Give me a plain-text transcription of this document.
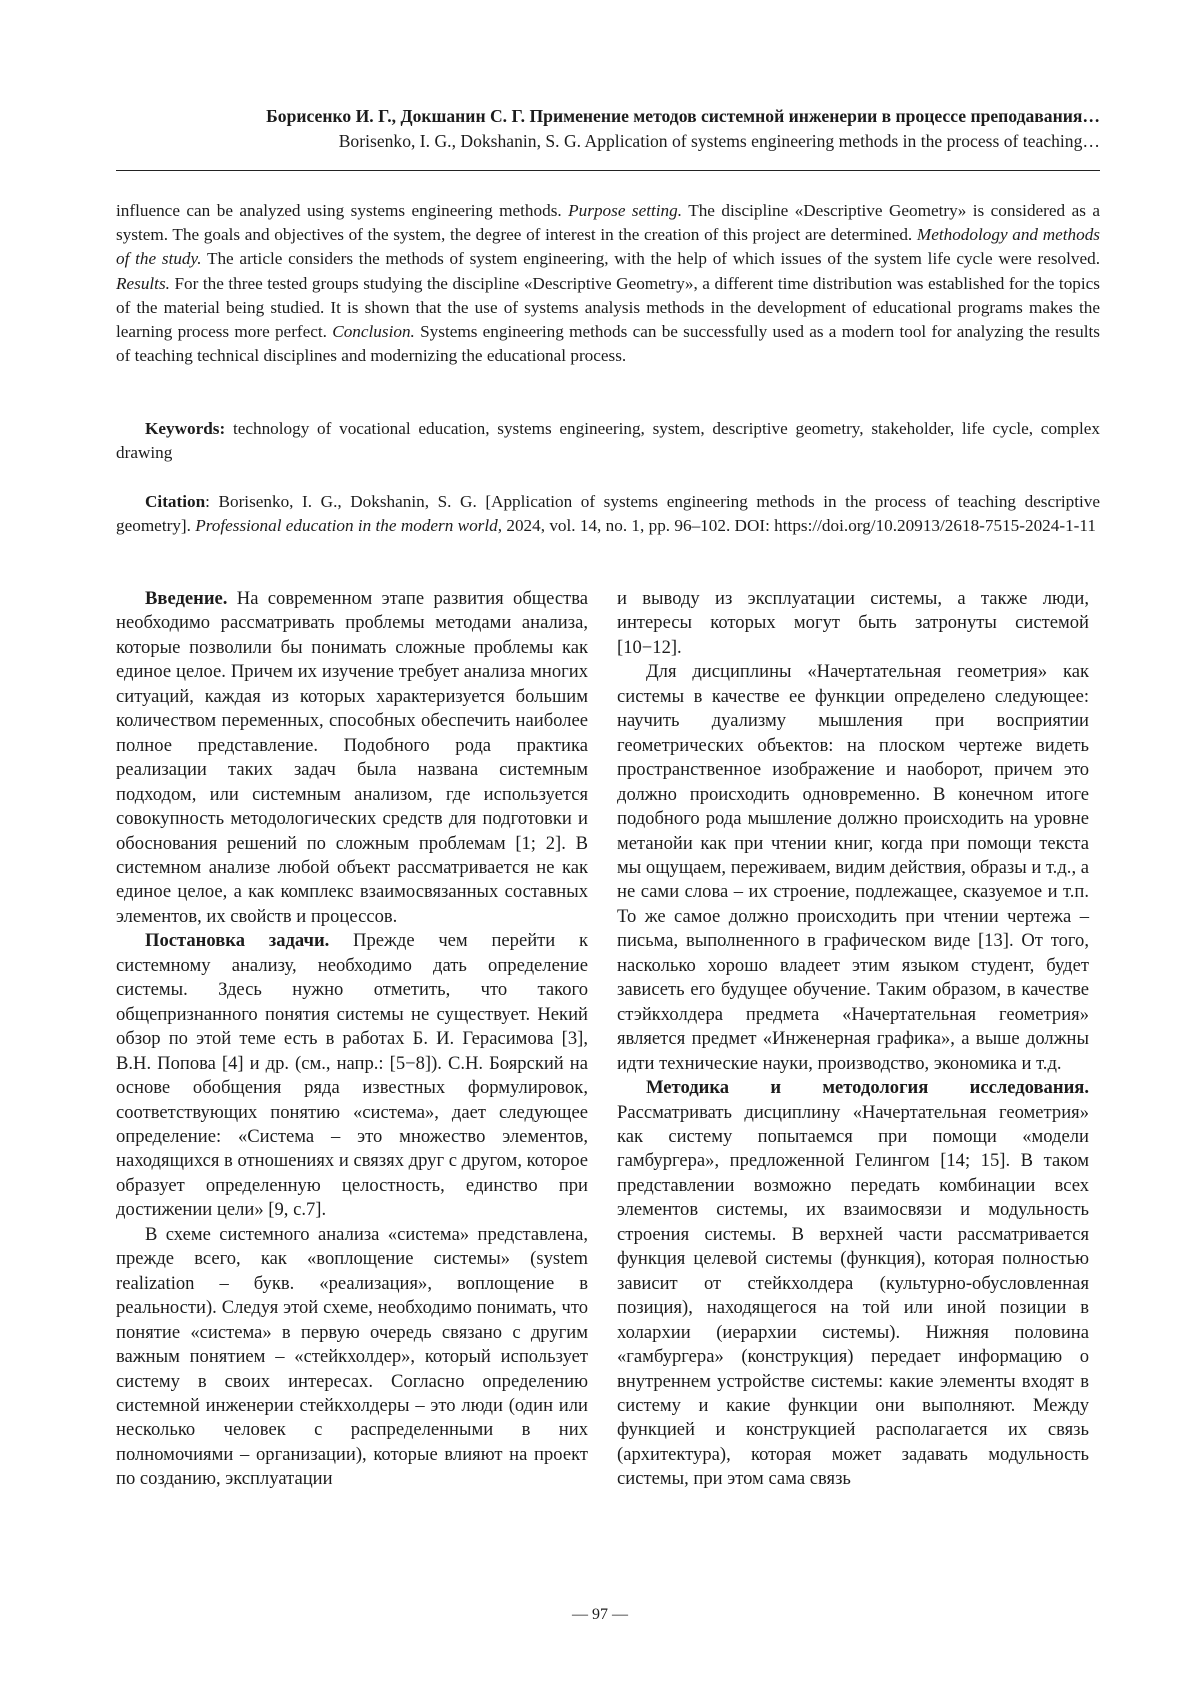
Борисенко И. Г., Докшанин С. Г. Применение методов системной инженерии в процессе преподавания…
Borisenko, I. G., Dokshanin, S. G. Application of systems engineering methods in the process of teaching…

influence can be analyzed using systems engineering methods. Purpose setting. The discipline «Descriptive Geometry» is considered as a system. The goals and objectives of the system, the degree of interest in the creation of this project are determined. Methodology and methods of the study. The article considers the methods of system engineering, with the help of which issues of the system life cycle were resolved. Results. For the three tested groups studying the discipline «Descriptive Geometry», a different time distribution was established for the topics of the material being studied. It is shown that the use of systems analysis methods in the development of educational programs makes the learning process more perfect. Conclusion. Systems engineering methods can be successfully used as a modern tool for analyzing the results of teaching technical disciplines and modernizing the educational process.

Keywords: technology of vocational education, systems engineering, system, descriptive geometry, stakeholder, life cycle, complex drawing

Citation: Borisenko, I. G., Dokshanin, S. G. [Application of systems engineering methods in the process of teaching descriptive geometry]. Professional education in the modern world, 2024, vol. 14, no. 1, pp. 96–102. DOI: https://doi.org/10.20913/2618-7515-2024-1-11

Введение. На современном этапе развития общества необходимо рассматривать проблемы методами анализа, которые позволили бы понимать сложные проблемы как единое целое. Причем их изучение требует анализа многих ситуаций, каждая из которых характеризуется большим количеством переменных, способных обеспечить наиболее полное представление. Подобного рода практика реализации таких задач была названа системным подходом, или системным анализом, где используется совокупность методологических средств для подготовки и обоснования решений по сложным проблемам [1; 2]. В системном анализе любой объект рассматривается не как единое целое, а как комплекс взаимосвязанных составных элементов, их свойств и процессов.

Постановка задачи. Прежде чем перейти к системному анализу, необходимо дать определение системы. Здесь нужно отметить, что такого общепризнанного понятия системы не существует. Некий обзор по этой теме есть в работах Б. И. Герасимова [3], В.Н. Попова [4] и др. (см., напр.: [5−8]). С.Н. Боярский на основе обобщения ряда известных формулировок, соответствующих понятию «система», дает следующее определение: «Система – это множество элементов, находящихся в отношениях и связях друг с другом, которое образует определенную целостность, единство при достижении цели» [9, с.7].

В схеме системного анализа «система» представлена, прежде всего, как «воплощение системы» (system realization – букв. «реализация», воплощение в реальности). Следуя этой схеме, необходимо понимать, что понятие «система» в первую очередь связано с другим важным понятием – «стейкхолдер», который использует систему в своих интересах. Согласно определению системной инженерии стейкхолдеры – это люди (один или несколько человек с распределенными в них полномочиями – организации), которые влияют на проект по созданию, эксплуатации

и выводу из эксплуатации системы, а также люди, интересы которых могут быть затронуты системой [10−12].

Для дисциплины «Начертательная геометрия» как системы в качестве ее функции определено следующее: научить дуализму мышления при восприятии геометрических объектов: на плоском чертеже видеть пространственное изображение и наоборот, причем это должно происходить одновременно. В конечном итоге подобного рода мышление должно происходить на уровне метанойи как при чтении книг, когда при помощи текста мы ощущаем, переживаем, видим действия, образы и т.д., а не сами слова – их строение, подлежащее, сказуемое и т.п. То же самое должно происходить при чтении чертежа – письма, выполненного в графическом виде [13]. От того, насколько хорошо владеет этим языком студент, будет зависеть его будущее обучение. Таким образом, в качестве стэйкхолдера предмета «Начертательная геометрия» является предмет «Инженерная графика», а выше должны идти технические науки, производство, экономика и т.д.

Методика и методология исследования. Рассматривать дисциплину «Начертательная геометрия» как систему попытаемся при помощи «модели гамбургера», предложенной Гелингом [14; 15]. В таком представлении возможно передать комбинации всех элементов системы, их взаимосвязи и модульность строения системы. В верхней части рассматривается функция целевой системы (функция), которая полностью зависит от стейкхолдера (культурно-обусловленная позиция), находящегося на той или иной позиции в холархии (иерархии системы). Нижняя половина «гамбургера» (конструкция) передает информацию о внутреннем устройстве системы: какие элементы входят в систему и какие функции они выполняют. Между функцией и конструкцией располагается их связь (архитектура), которая может задавать модульность системы, при этом сама связь

— 97 —
